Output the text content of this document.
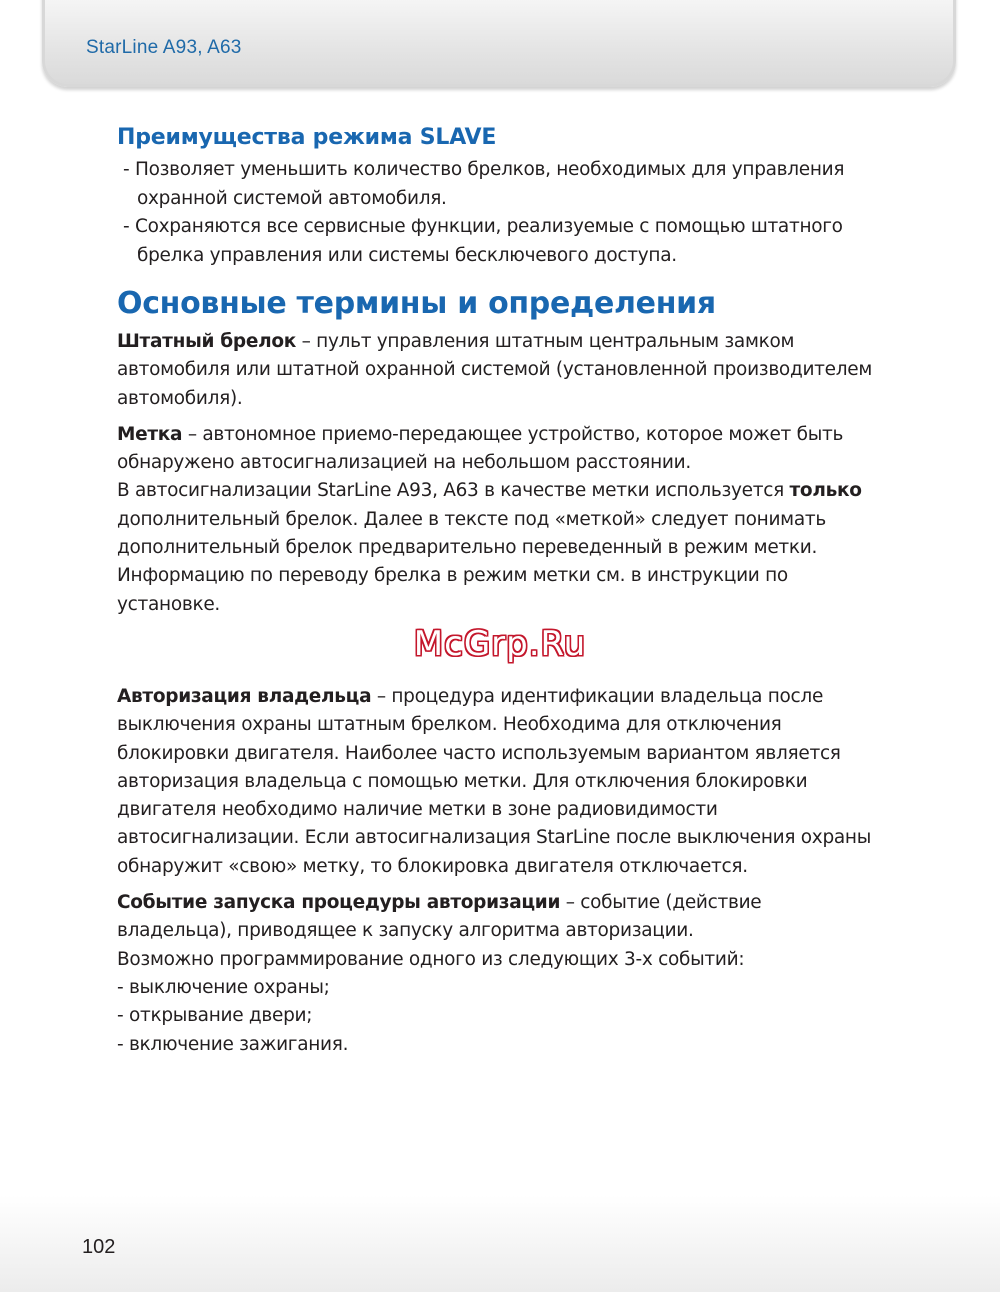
StarLine A93, A63
Преимущества режима SLAVE
- Позволяет уменьшить количество брелков, необходимых для управления охранной системой автомобиля.
- Сохраняются все сервисные функции, реализуемые с помощью штатного брелка управления или системы бесключевого доступа.
Основные термины и определения

Штатный брелок – пульт управления штатным центральным замком автомобиля или штатной охранной системой (установленной производителем автомобиля).

Метка – автономное приемо-передающее устройство, которое может быть обнаружено автосигнализацией на небольшом расстоянии.

В автосигнализации StarLine A93, A63 в качестве метки используется только дополнительный брелок. Далее в тексте под «меткой» следует понимать дополнительный брелок предварительно переведенный в режим метки. Информацию по переводу брелка в режим метки см. в инструкции по установке.

Авторизация владельца – процедура идентификации владельца после выключения охраны штатным брелком. Необходима для отключения блокировки двигателя. Наиболее часто используемым вариантом является авторизация владельца с помощью метки. Для отключения блокировки двигателя необходимо наличие метки в зоне радиовидимости автосигнализации. Если автосигнализация StarLine после выключения охраны обнаружит «свою» метку, то блокировка двигателя отключается.

Событие запуска процедуры авторизации – событие (действие владельца), приводящее к запуску алгоритма авторизации.

Возможно программирование одного из следующих 3-х событий:

- выключение охраны;
- открывание двери;
- включение зажигания.
McGrp.Ru
102
